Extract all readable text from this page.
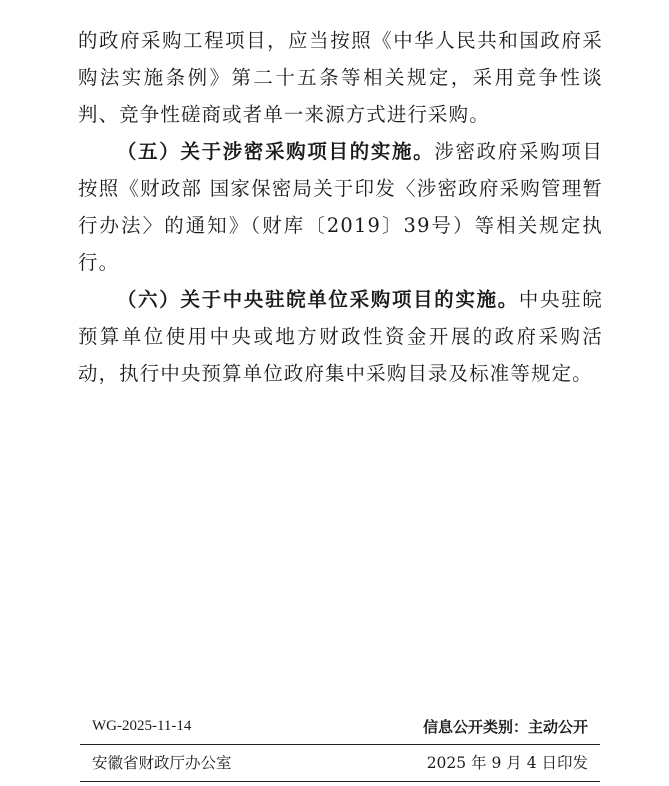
的政府采购工程项目，应当按照《中华人民共和国政府采购法实施条例》第二十五条等相关规定，采用竞争性谈判、竞争性磋商或者单一来源方式进行采购。

（五）关于涉密采购项目的实施。涉密政府采购项目按照《财政部 国家保密局关于印发〈涉密政府采购管理暂行办法〉的通知》（财库〔2019〕39号）等相关规定执行。

（六）关于中央驻皖单位采购项目的实施。中央驻皖预算单位使用中央或地方财政性资金开展的政府采购活动，执行中央预算单位政府集中采购目录及标准等规定。

WG-2025-11-14	信息公开类别：主动公开
安徽省财政厅办公室	2025 年 9 月 4 日印发
